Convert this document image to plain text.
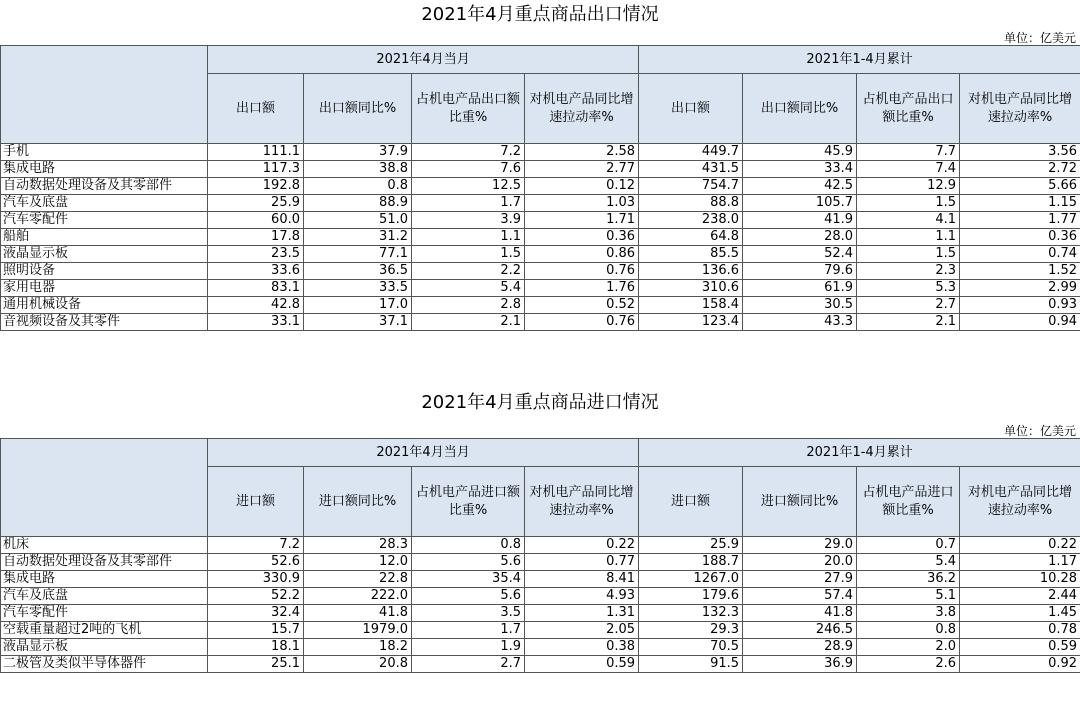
2021年4月重点商品出口情况
单位：亿美元
	2021年4月当月				2021年1-4月累计			
	出口额	出口额同比%	占机电产品出口额比重%	对机电产品同比增速拉动率%	出口额	出口额同比%	占机电产品出口额比重%	对机电产品同比增速拉动率%
手机	111.1	37.9	7.2	2.58	449.7	45.9	7.7	3.56
集成电路	117.3	38.8	7.6	2.77	431.5	33.4	7.4	2.72
自动数据处理设备及其零部件	192.8	0.8	12.5	0.12	754.7	42.5	12.9	5.66
汽车及底盘	25.9	88.9	1.7	1.03	88.8	105.7	1.5	1.15
汽车零配件	60.0	51.0	3.9	1.71	238.0	41.9	4.1	1.77
船舶	17.8	31.2	1.1	0.36	64.8	28.0	1.1	0.36
液晶显示板	23.5	77.1	1.5	0.86	85.5	52.4	1.5	0.74
照明设备	33.6	36.5	2.2	0.76	136.6	79.6	2.3	1.52
家用电器	83.1	33.5	5.4	1.76	310.6	61.9	5.3	2.99
通用机械设备	42.8	17.0	2.8	0.52	158.4	30.5	2.7	0.93
音视频设备及其零件	33.1	37.1	2.1	0.76	123.4	43.3	2.1	0.94
2021年4月重点商品进口情况
单位：亿美元
	2021年4月当月				2021年1-4月累计			
	进口额	进口额同比%	占机电产品进口额比重%	对机电产品同比增速拉动率%	进口额	进口额同比%	占机电产品进口额比重%	对机电产品同比增速拉动率%
机床	7.2	28.3	0.8	0.22	25.9	29.0	0.7	0.22
自动数据处理设备及其零部件	52.6	12.0	5.6	0.77	188.7	20.0	5.4	1.17
集成电路	330.9	22.8	35.4	8.41	1267.0	27.9	36.2	10.28
汽车及底盘	52.2	222.0	5.6	4.93	179.6	57.4	5.1	2.44
汽车零配件	32.4	41.8	3.5	1.31	132.3	41.8	3.8	1.45
空载重量超过2吨的飞机	15.7	1979.0	1.7	2.05	29.3	246.5	0.8	0.78
液晶显示板	18.1	18.2	1.9	0.38	70.5	28.9	2.0	0.59
二极管及类似半导体器件	25.1	20.8	2.7	0.59	91.5	36.9	2.6	0.92
